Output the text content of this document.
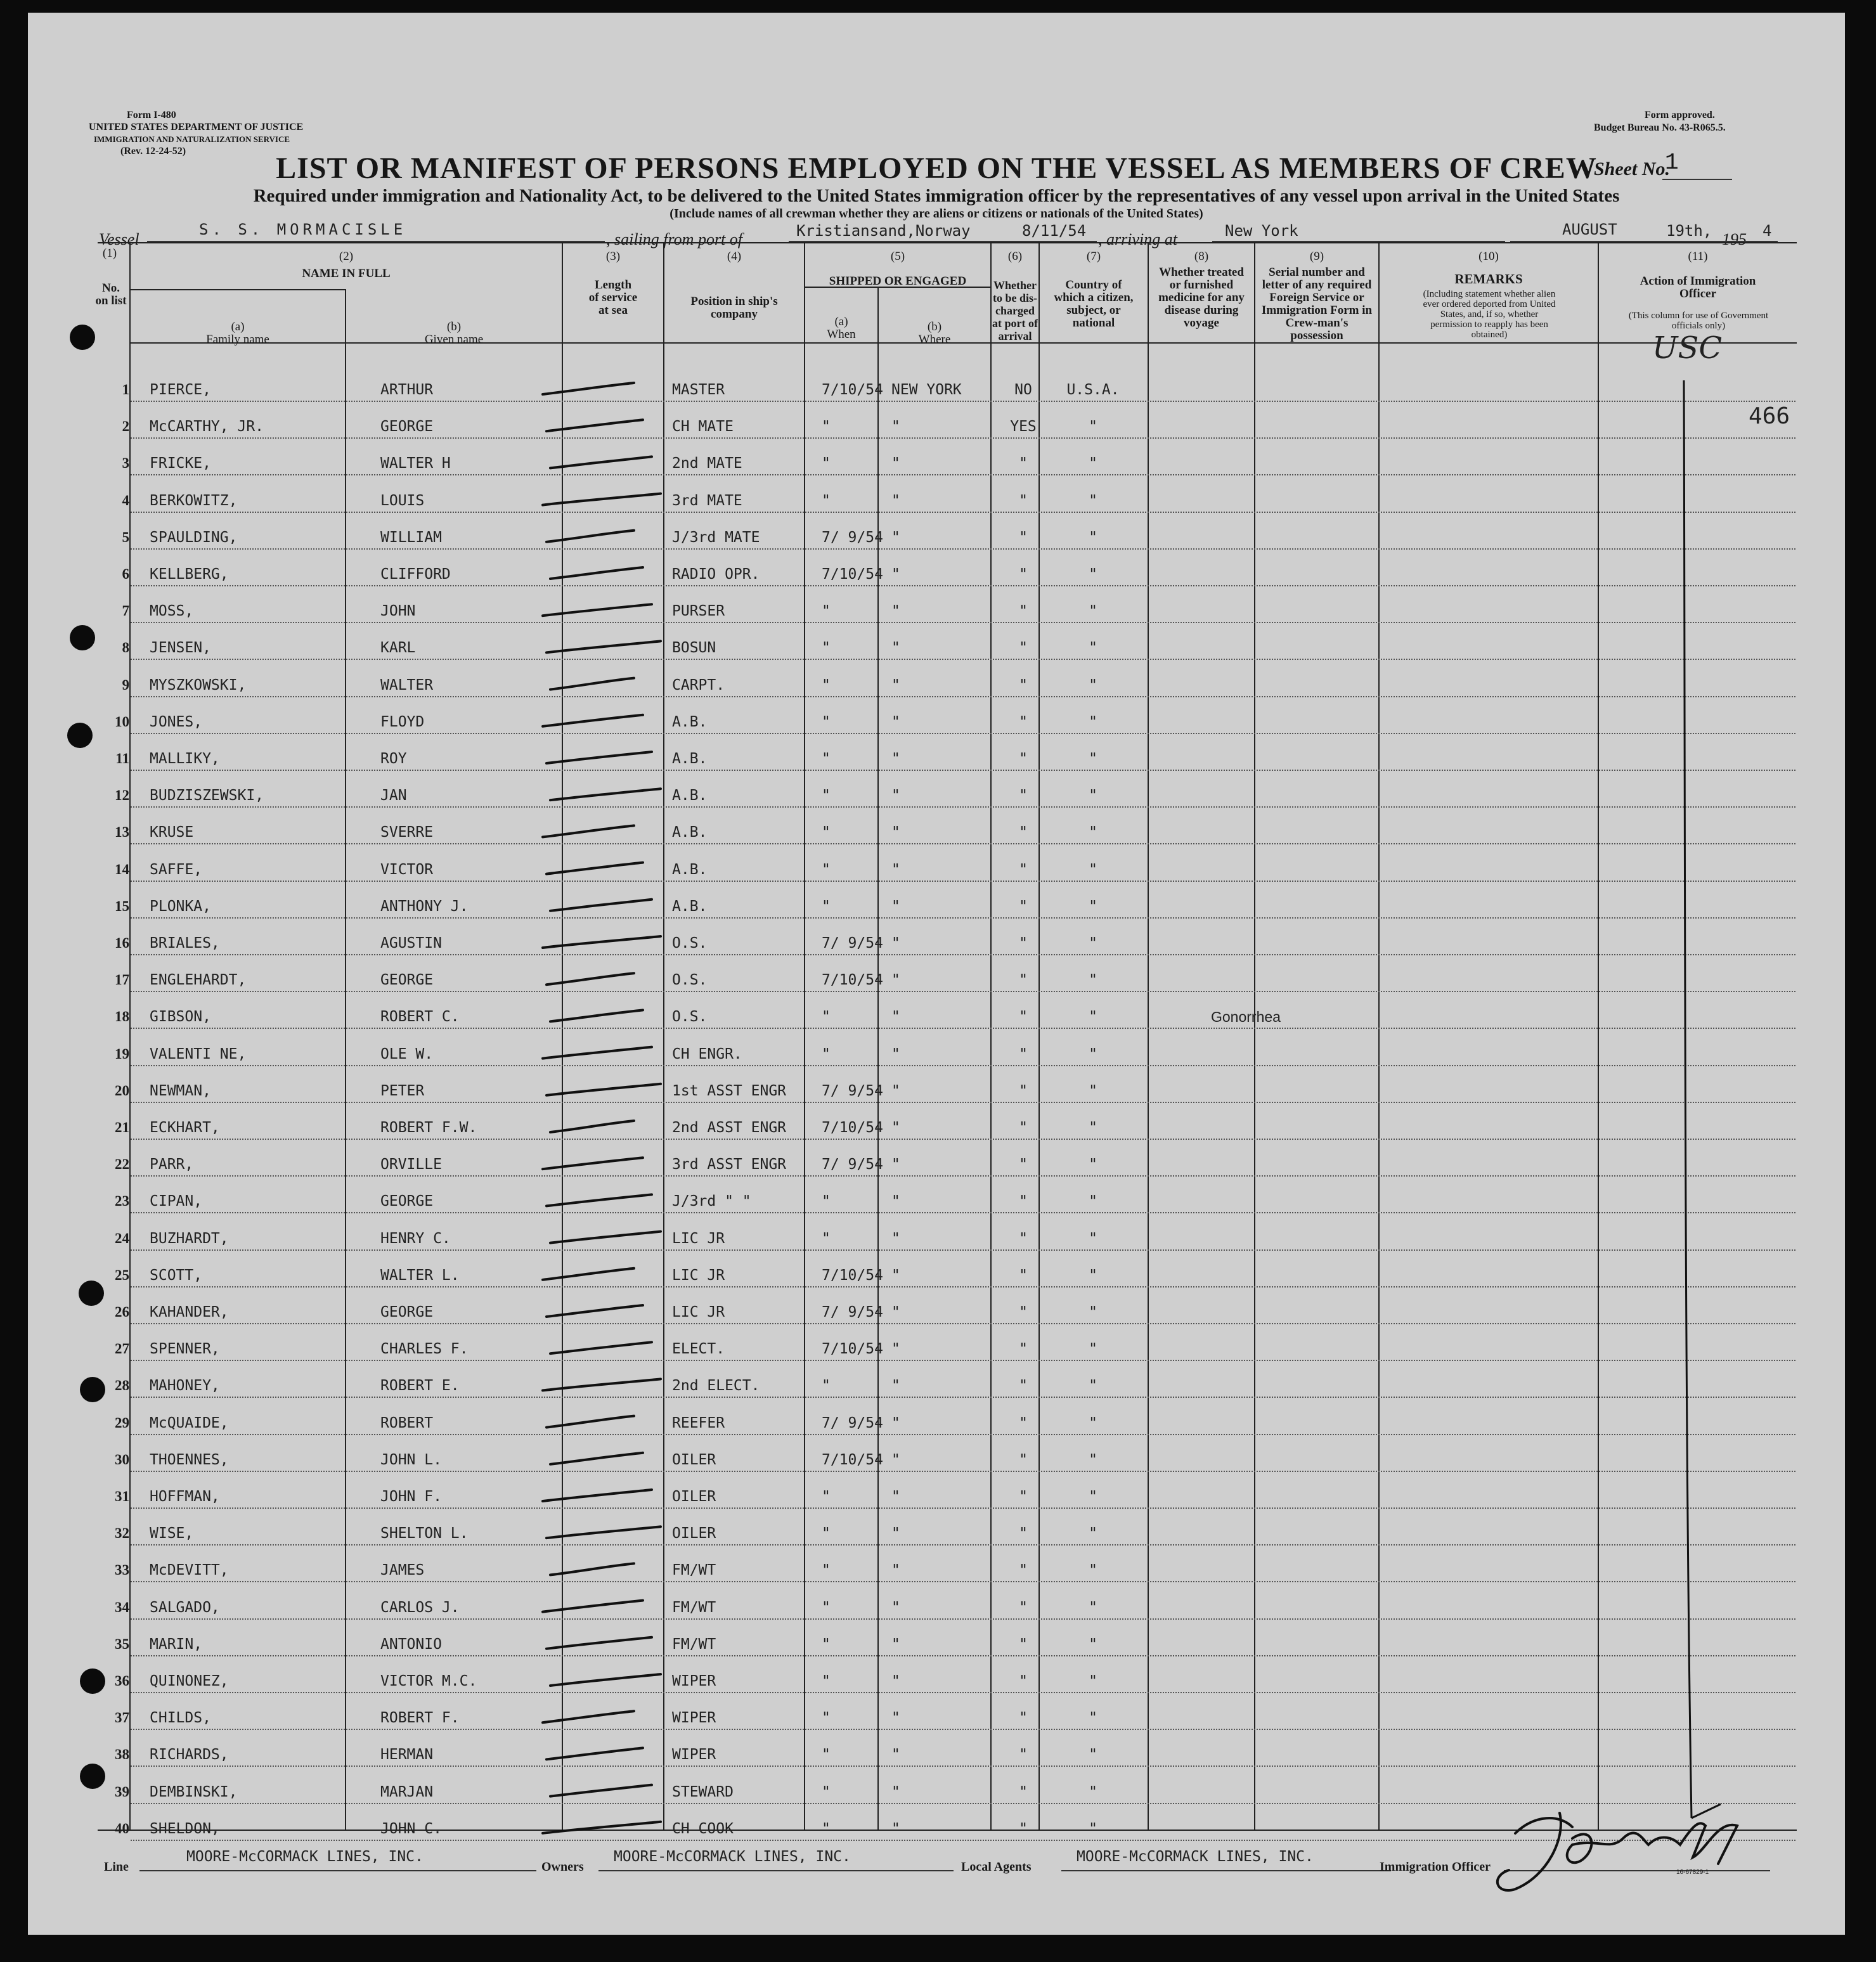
Form I-480
UNITED STATES DEPARTMENT OF JUSTICE
IMMIGRATION AND NATURALIZATION SERVICE
(Rev. 12-24-52)
Form approved.
Budget Bureau No. 43-R065.5.
LIST OR MANIFEST OF PERSONS EMPLOYED ON THE VESSEL AS MEMBERS OF CREW
Sheet No.
1
Required under immigration and Nationality Act, to be delivered to the United States immigration officer by the representatives of any vessel upon arrival in the United States
(Include names of all crewman whether they are aliens or citizens or nationals of the United States)
Vessel
S. S. MORMACISLE
, sailing from port of	Kristiansand,Norway	8/11/54 , arriving at	New York	AUGUST	19th, 195 4
(1)
No. on list
(2)
NAME IN FULL
(a)
Family name
(b)
Given name
(3)
Length of service at sea
(4)
Position in ship's company
(5)
SHIPPED OR ENGAGED
(a)
When
(b)
Where
(6)
Whether to be dis-charged at port of arrival
(7)
Country of which a citizen, subject, or national
(8)
Whether treated or furnished medicine for any disease during voyage
(9)
Serial number and letter of any required Foreign Service or Immigration Form in Crew-man's possession
(10)
REMARKS
(Including statement whether alien ever ordered deported from United States, and, if so, whether permission to reapply has been obtained)
(11)
Action of Immigration Officer
(This column for use of Government officials only)
1 PIERCE,	ARTHUR	MASTER	7/10/54 NEW YORK	NO	U.S.A.
2 McCARTHY, JR.	GEORGE	CH MATE	"	"	YES	"
3 FRICKE,	WALTER H	2nd MATE	"	"	"	"
4 BERKOWITZ,	LOUIS	3rd MATE	"	"	"	"
5 SPAULDING,	WILLIAM	J/3rd MATE	7/ 9/54 "	"	"
6 KELLBERG,	CLIFFORD	RADIO OPR.	7/10/54 "	"	"
7 MOSS,	JOHN	PURSER	"	"	"	"
8 JENSEN,	KARL	BOSUN	"	"	"	"
9 MYSZKOWSKI,	WALTER	CARPT.	"	"	"	"
10 JONES,	FLOYD	A.B.	"	"	"	"
11 MALLIKY,	ROY	A.B.	"	"	"	"
12 BUDZISZEWSKI,	JAN	A.B.	"	"	"	"
13 KRUSE	SVERRE	A.B.	"	"	"	"
14 SAFFE,	VICTOR	A.B.	"	"	"	"
15 PLONKA,	ANTHONY J.	A.B.	"	"	"	"
16 BRIALES,	AGUSTIN	O.S.	7/ 9/54 "	"	"
17 ENGLEHARDT,	GEORGE	O.S.	7/10/54 "	"	"
18 GIBSON,	ROBERT C.	O.S.	"	"	"	"	Gonorrhea
19 VALENTI NE,	OLE W.	CH ENGR.	"	"	"	"
20 NEWMAN,	PETER	1st ASST ENGR 7/ 9/54 "	"	"
21 ECKHART,	ROBERT F.W.	2nd ASST ENGR 7/10/54 "	"	"
22 PARR,	ORVILLE	3rd ASST ENGR 7/ 9/54 "	"	"
23 CIPAN,	GEORGE	J/3rd " "	"	"	"	"
24 BUZHARDT,	HENRY C.	LIC JR	"	"	"	"
25 SCOTT,	WALTER L.	LIC JR	7/10/54 "	"	"
26 KAHANDER,	GEORGE	LIC JR	7/ 9/54 "	"	"
27 SPENNER,	CHARLES F.	ELECT.	7/10/54 "	"	"
28 MAHONEY,	ROBERT E.	2nd ELECT.	"	"	"	"
29 McQUAIDE,	ROBERT	REEFER	7/ 9/54 "	"	"
30 THOENNES,	JOHN L.	OILER	7/10/54 "	"	"
31 HOFFMAN,	JOHN F.	OILER	"	"	"	"
32 WISE,	SHELTON L.	OILER	"	"	"	"
33 McDEVITT,	JAMES	FM/WT	"	"	"	"
34 SALGADO,	CARLOS J.	FM/WT	"	"	"	"
35 MARIN,	ANTONIO	FM/WT	"	"	"	"
36 QUINONEZ,	VICTOR M.C.	WIPER	"	"	"	"
37 CHILDS,	ROBERT F.	WIPER	"	"	"	"
38 RICHARDS,	HERMAN	WIPER	"	"	"	"
39 DEMBINSKI,	MARJAN	STEWARD	"	"	"	"
40 SHELDON,	JOHN C.	CH COOK	"	"	"	"
Line
MOORE-McCORMACK LINES, INC.
Owners
MOORE-McCORMACK LINES, INC.
Local Agents
MOORE-McCORMACK LINES, INC.
Immigration Officer	16-67829-1
USC
466
J Donnelly
